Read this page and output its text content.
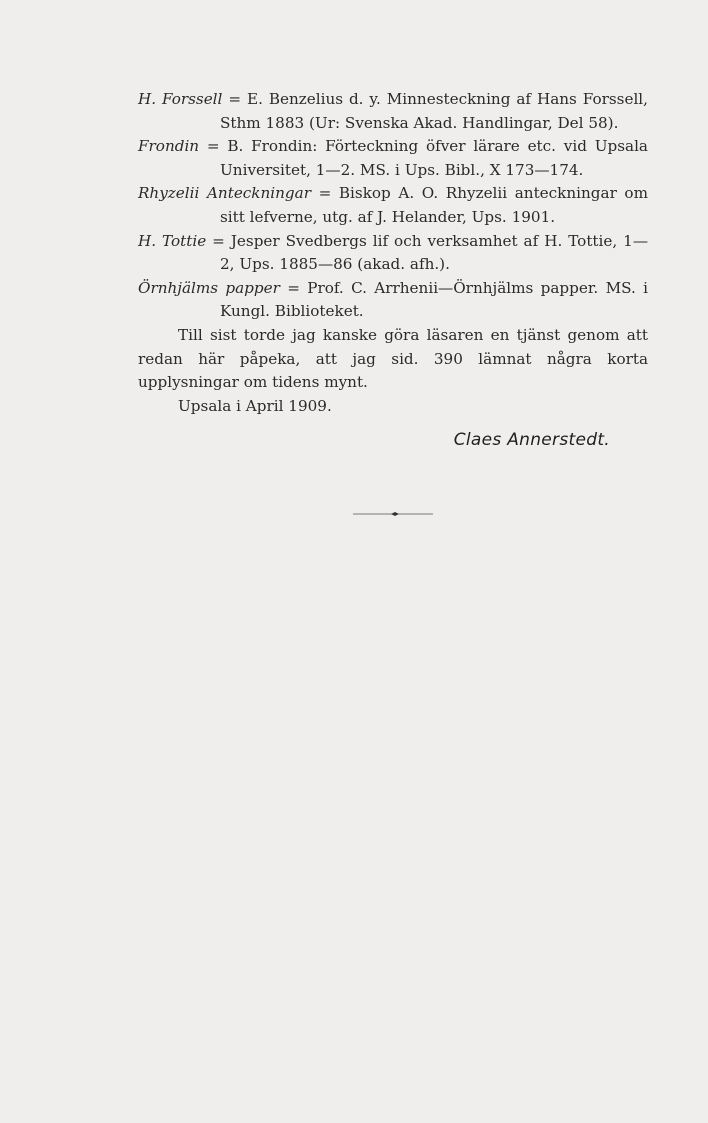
H. Forssell = E. Benzelius d. y. Minnesteckning af Hans Forssell, Sthm 1883 (Ur: Svenska Akad. Handlingar, Del 58).
Frondin = B. Frondin: Förteckning öfver lärare etc. vid Upsala Universitet, 1—2. MS. i Ups. Bibl., X 173—174.
Rhyzelii Anteckningar = Biskop A. O. Rhyzelii anteckningar om sitt lefverne, utg. af J. Helander, Ups. 1901.
H. Tottie = Jesper Svedbergs lif och verksamhet af H. Tottie, 1—2, Ups. 1885—86 (akad. afh.).
Örnhjälms papper = Prof. C. Arrhenii—Örnhjälms papper. MS. i Kungl. Biblioteket.
Till sist torde jag kanske göra läsaren en tjänst genom att redan här påpeka, att jag sid. 390 lämnat några korta upplysningar om tidens mynt.
Upsala i April 1909.
Claes Annerstedt.
